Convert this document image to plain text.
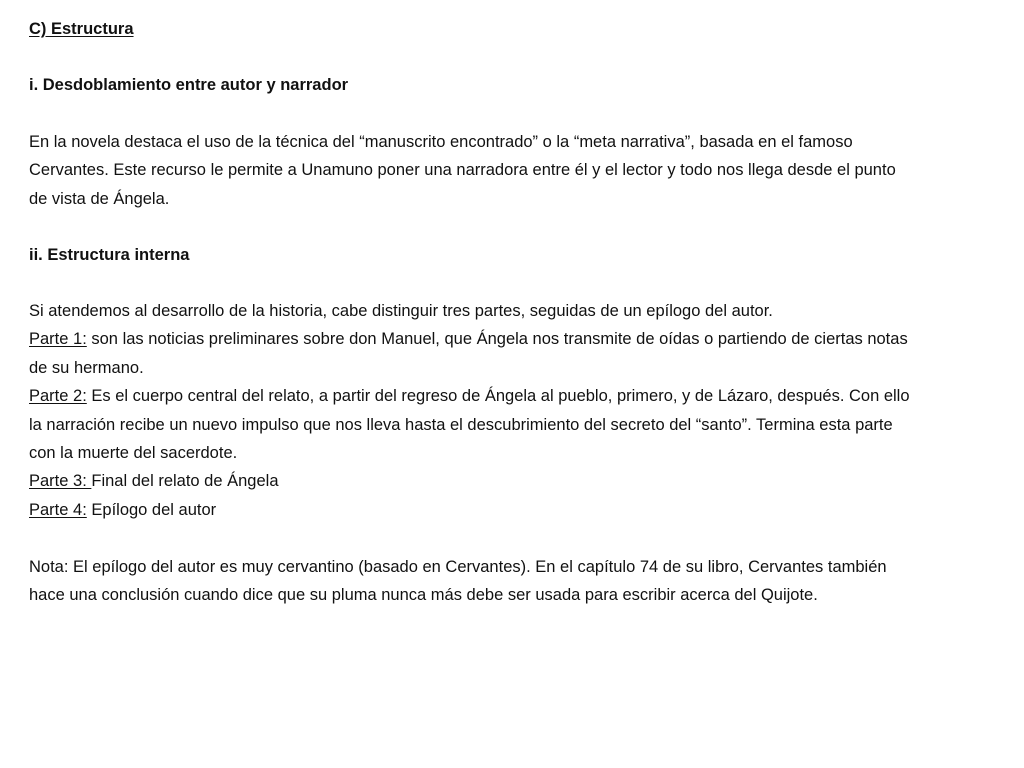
C) Estructura
i. Desdoblamiento entre autor y narrador

En la novela destaca el uso de la técnica del “manuscrito encontrado” o la “meta narrativa”, basada en el famoso
Cervantes. Este recurso le permite a Unamuno poner una narradora entre él y el lector y todo nos llega desde el punto
de vista de Ángela.

ii. Estructura interna
Si atendemos al desarrollo de la historia, cabe distinguir tres partes, seguidas de un epílogo del autor.
Parte 1: son las noticias preliminares sobre don Manuel, que Ángela nos transmite de oídas o partiendo de ciertas notas
de su hermano.
Parte 2: Es el cuerpo central del relato, a partir del regreso de Ángela al pueblo, primero, y de Lázaro, después. Con ello
la narración recibe un nuevo impulso que nos lleva hasta el descubrimiento del secreto del “santo”. Termina esta parte
con la muerte del sacerdote.
Parte 3: Final del relato de Ángela
Parte 4: Epílogo del autor

Nota: El epílogo del autor es muy cervantino (basado en Cervantes). En el capítulo 74 de su libro, Cervantes también
hace una conclusión cuando dice que su pluma nunca más debe ser usada para escribir acerca del Quijote.
